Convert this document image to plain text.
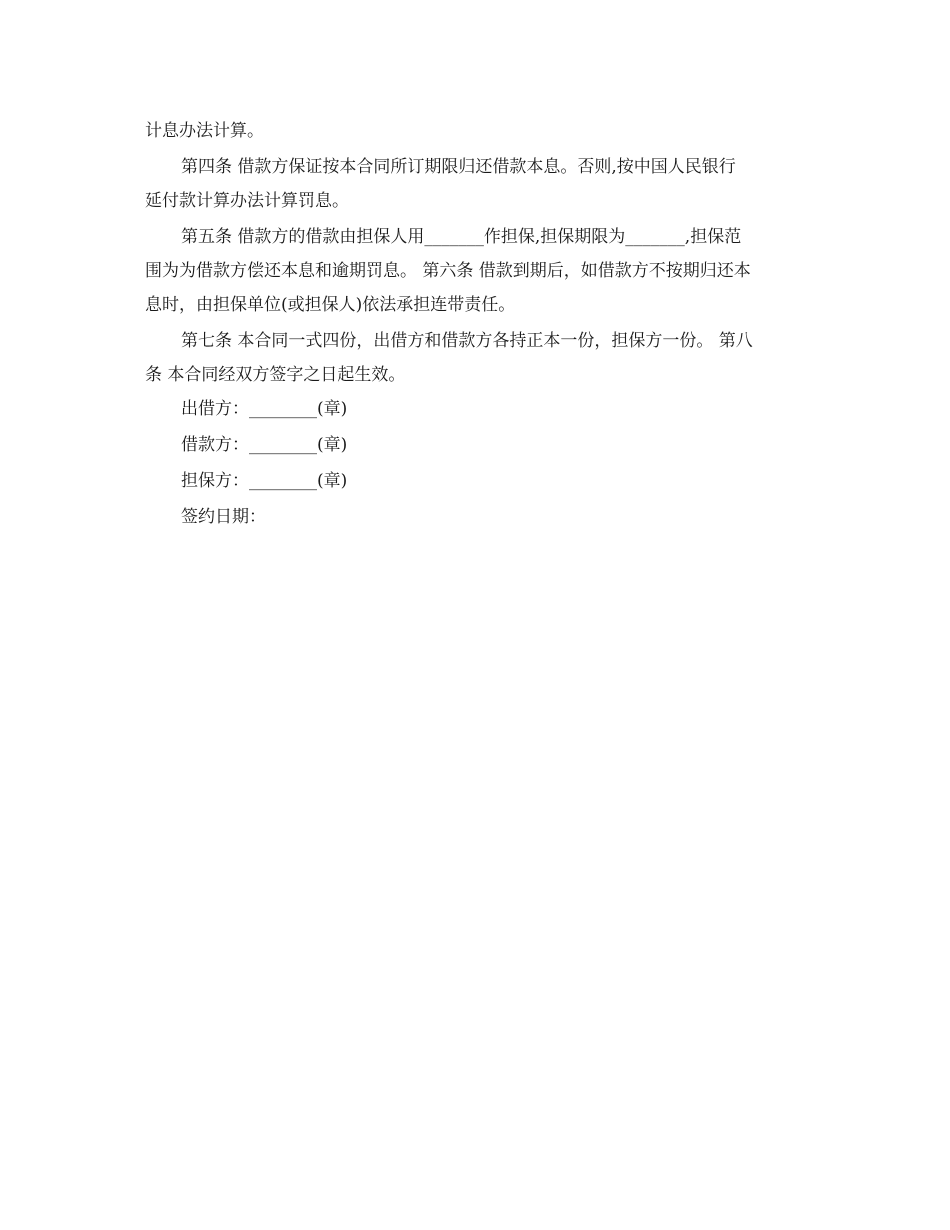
计息办法计算。
第四条 借款方保证按本合同所订期限归还借款本息。否则,按中国人民银行
延付款计算办法计算罚息。
第五条 借款方的借款由担保人用_______作担保,担保期限为_______,担保范
围为为借款方偿还本息和逾期罚息。 第六条 借款到期后，如借款方不按期归还本
息时，由担保单位(或担保人)依法承担连带责任。
第七条 本合同一式四份，出借方和借款方各持正本一份，担保方一份。 第八
条 本合同经双方签字之日起生效。
出借方：________(章)
借款方：________(章)
担保方：________(章)
签约日期：
